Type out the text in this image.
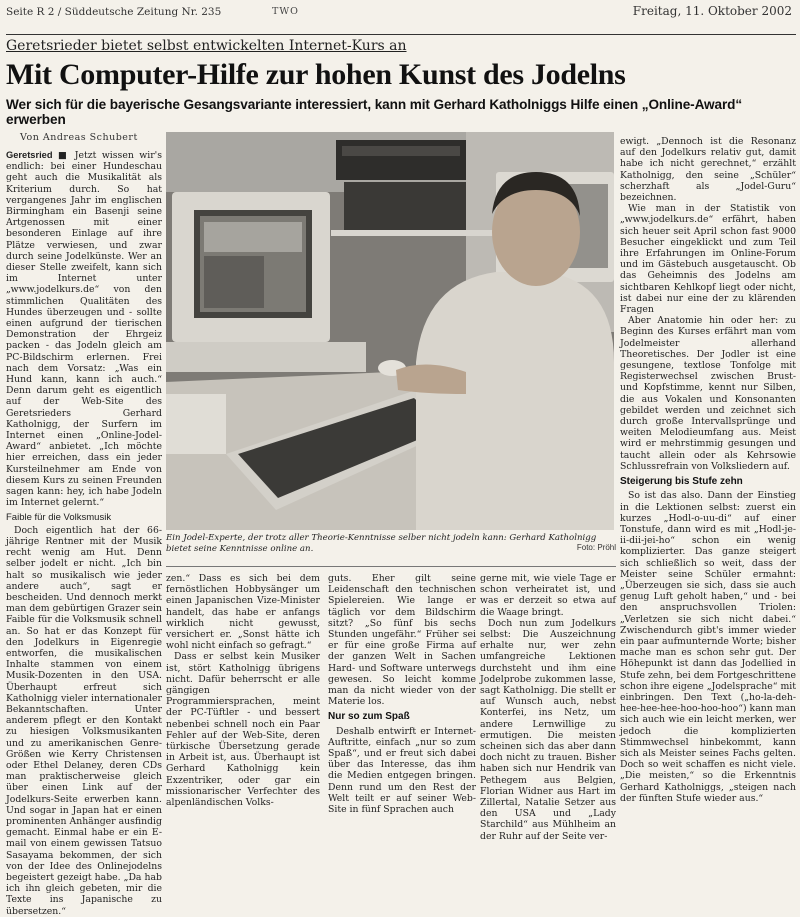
Seite R 2 / Süddeutsche Zeitung Nr. 235	TWO	Freitag, 11. Oktober 2002
Geretsrieder bietet selbst entwickelten Internet-Kurs an
Mit Computer-Hilfe zur hohen Kunst des Jodelns
Wer sich für die bayerische Gesangsvariante interessiert, kann mit Gerhard Katholniggs Hilfe einen „Online-Award“ erwerben
Von Andreas Schubert

Geretsried ■ Jetzt wissen wir's endlich: bei einer Hundeschau geht auch die Musikalität als Kriterium durch. So hat vergangenes Jahr im englischen Birmingham ein Basenji seine Artgenossen mit einer besonderen Einlage auf ihre Plätze verwiesen, und zwar durch seine Jodelkünste. Wer an dieser Stelle zweifelt, kann sich im Internet unter „www.jodelkurs.de“ von den stimmlichen Qualitäten des Hundes überzeugen und - sollte einen aufgrund der tierischen Demonstration der Ehrgeiz packen - das Jodeln gleich am PC-Bildschirm erlernen. Frei nach dem Vorsatz: „Was ein Hund kann, kann ich auch.“ Denn darum geht es eigentlich auf der Web-Site des Geretsrieders Gerhard Katholnigg, der Surfern im Internet einen „Online-Jodel-Award“ anbietet. „Ich möchte hier erreichen, dass ein jeder Kursteilnehmer am Ende von diesem Kurs zu seinen Freunden sagen kann: hey, ich habe Jodeln im Internet gelernt.“

Faible für die Volksmusik

Doch eigentlich hat der 66-jährige Rentner mit der Musik recht wenig am Hut. Denn selber jodelt er nicht. „Ich bin halt so musikalisch wie jeder andere auch“, sagt er bescheiden. Und dennoch merkt man dem gebürtigen Grazer sein Faible für die Volksmusik schnell an. So hat er das Konzept für den Jodelkurs in Eigenregie entworfen, die musikalischen Inhalte stammen von einem Musik-Dozenten in den USA. Überhaupt erfreut sich Katholnigg vieler internationaler Bekanntschaften. Unter anderem pflegt er den Kontakt zu hiesigen Volksmusikanten und zu amerikanischen Genre-Größen wie Kerry Christensen oder Ethel Delaney, deren CDs man praktischerweise gleich über einen Link auf der Jodelkurs-Seite erwerben kann. Und sogar in Japan hat er einen prominenten Anhänger ausfindig gemacht. Einmal habe er ein E-mail von einem gewissen Tatsuo Sasayama bekommen, der sich von der Idee des Onlinejodelns begeistert gezeigt habe. „Da hab ich ihn gleich gebeten, mir die Texte ins Japanische zu übersetzen.“

Ein Jodel-Experte, der trotz aller Theorie-Kenntnisse selber nicht jodeln kann: Gerhard Katholnigg bietet seine Kenntnisse online an.	Foto: Pröhl

zen.“ Dass es sich bei dem fernöstlichen Hobbysänger um einen Japanischen Vize-Minister handelt, das habe er anfangs wirklich nicht gewusst, versichert er. „Sonst hätte ich wohl nicht einfach so gefragt.“

Dass er selbst kein Musiker ist, stört Katholnigg übrigens nicht. Dafür beherrscht er alle gängigen Programmiersprachen, meint der PC-Tüftler - und bessert nebenbei schnell noch ein Paar Fehler auf der Web-Site, deren türkische Übersetzung gerade in Arbeit ist, aus. Überhaupt ist Gerhard Katholnigg kein Exzentriker, oder gar ein missionarischer Verfechter des alpenländischen Volks-

guts. Eher gilt seine Leidenschaft den technischen Spielereien. Wie lange er täglich vor dem Bildschirm sitzt? „So fünf bis sechs Stunden ungefähr.“ Früher sei er für eine große Firma auf der ganzen Welt in Sachen Hard- und Software unterwegs gewesen. So leicht komme man da nicht wieder von der Materie los.

Nur so zum Spaß

Deshalb entwirft er Internet-Auftritte, einfach „nur so zum Spaß“, und er freut sich dabei über das Interesse, das ihm die Medien entgegen bringen. Denn rund um den Rest der Welt teilt er auf seiner Web-Site in fünf Sprachen auch

gerne mit, wie viele Tage er schon verheiratet ist, und was er derzeit so etwa auf die Waage bringt.

Doch nun zum Jodelkurs selbst: Die Auszeichnung erhalte nur, wer zehn umfangreiche Lektionen durchsteht und ihm eine Jodelprobe zukommen lasse, sagt Katholnigg. Die stellt er auf Wunsch auch, nebst Konterfei, ins Netz, um andere Lernwillige zu ermutigen. Die meisten scheinen sich das aber dann doch nicht zu trauen. Bisher haben sich nur Hendrik van Pethegem aus Belgien, Florian Widner aus Hart im Zillertal, Natalie Setzer aus den USA und „Lady Starchild“ aus Mühlheim an der Ruhr auf der Seite ver-

ewigt. „Dennoch ist die Resonanz auf den Jodelkurs relativ gut, damit habe ich nicht gerechnet,“ erzählt Katholnigg, den seine „Schüler“ scherzhaft als „Jodel-Guru“ bezeichnen.

Wie man in der Statistik von „www.jodelkurs.de“ erfährt, haben sich heuer seit April schon fast 9000 Besucher eingeklickt und zum Teil ihre Erfahrungen im Online-Forum und im Gästebuch ausgetauscht. Ob das Geheimnis des Jodelns am sichtbaren Kehlkopf liegt oder nicht, ist dabei nur eine der zu klärenden Fragen

Aber Anatomie hin oder her: zu Beginn des Kurses erfährt man vom Jodelmeister allerhand Theoretisches. Der Jodler ist eine gesungene, textlose Tonfolge mit Registerwechsel zwischen Brust- und Kopfstimme, kennt nur Silben, die aus Vokalen und Konsonanten gebildet werden und zeichnet sich durch große Intervallsprünge und weiten Melodieumfang aus. Meist wird er mehrstimmig gesungen und taucht allein oder als Kehrsowie Schlussrefrain von Volksliedern auf.

Steigerung bis Stufe zehn

So ist das also. Dann der Einstieg in die Lektionen selbst: zuerst ein kurzes „Hodl-o-uu-di“ auf einer Tonstufe, dann wird es mit „Hodl-je-ii-dii-jei-ho“ schon ein wenig komplizierter. Das ganze steigert sich schließlich so weit, dass der Meister seine Schüler ermahnt: „Überzeugen sie sich, dass sie auch genug Luft geholt haben,“ und - bei den anspruchsvollen Triolen: „Verletzen sie sich nicht dabei.“ Zwischendurch gibt's immer wieder ein paar aufmunternde Worte; bisher mache man es schon sehr gut. Der Höhepunkt ist dann das Jodellied in Stufe zehn, bei dem Fortgeschrittene schon ihre eigene „Jodelsprache“ mit einbringen. Den Text („ho-la-deh-hee-hee-hee-hoo-hoo-hoo“) kann man sich auch wie ein leicht merken, wer jedoch die komplizierten Stimmwechsel hinbekommt, kann sich als Meister seines Fachs gelten. Doch so weit schaffen es nicht viele. „Die meisten,“ so die Erkenntnis Gerhard Katholniggs, „steigen nach der fünften Stufe wieder aus.“
